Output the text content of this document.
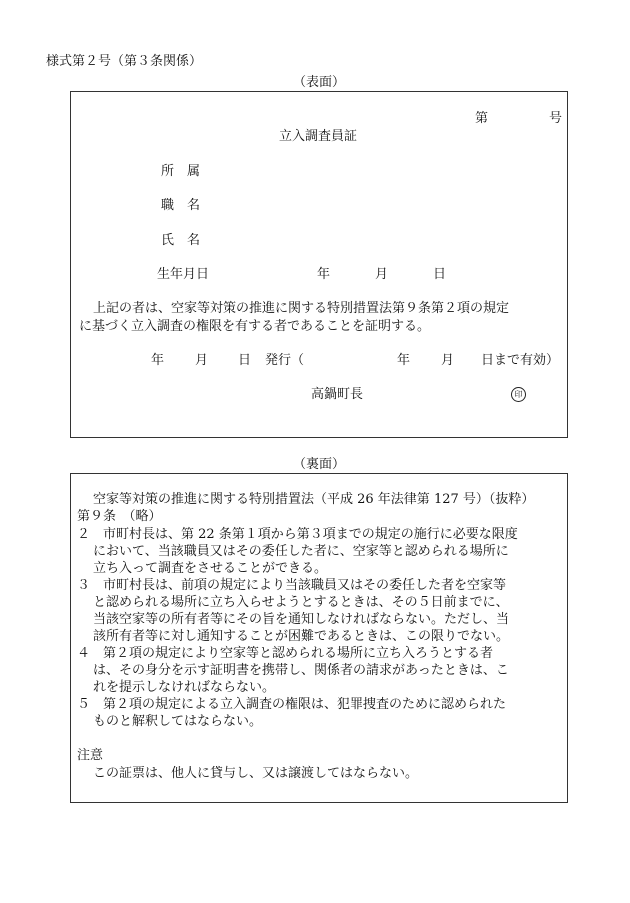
様式第２号（第３条関係）
（表面）
第	号
立入調査員証
所　属
職　名
氏　名
生年月日	年	月	日
上記の者は、空家等対策の推進に関する特別措置法第９条第２項の規定
に基づく立入調査の権限を有する者であることを証明する。
年 月 日 発行（	年 月 日まで有効）
高鍋町長	印
（裏面）
空家等対策の推進に関する特別措置法（平成 26 年法律第 127 号）（抜粋）
第９条　（略）
２　市町村長は、第 22 条第１項から第３項までの規定の施行に必要な限度
において、当該職員又はその委任した者に、空家等と認められる場所に
立ち入って調査をさせることができる。
３　市町村長は、前項の規定により当該職員又はその委任した者を空家等
と認められる場所に立ち入らせようとするときは、その５日前までに、
当該空家等の所有者等にその旨を通知しなければならない。ただし、当
該所有者等に対し通知することが困難であるときは、この限りでない。
４　第２項の規定により空家等と認められる場所に立ち入ろうとする者
は、その身分を示す証明書を携帯し、関係者の請求があったときは、こ
れを提示しなければならない。
５　第２項の規定による立入調査の権限は、犯罪捜査のために認められた
ものと解釈してはならない。
注意
この証票は、他人に貸与し、又は譲渡してはならない。
